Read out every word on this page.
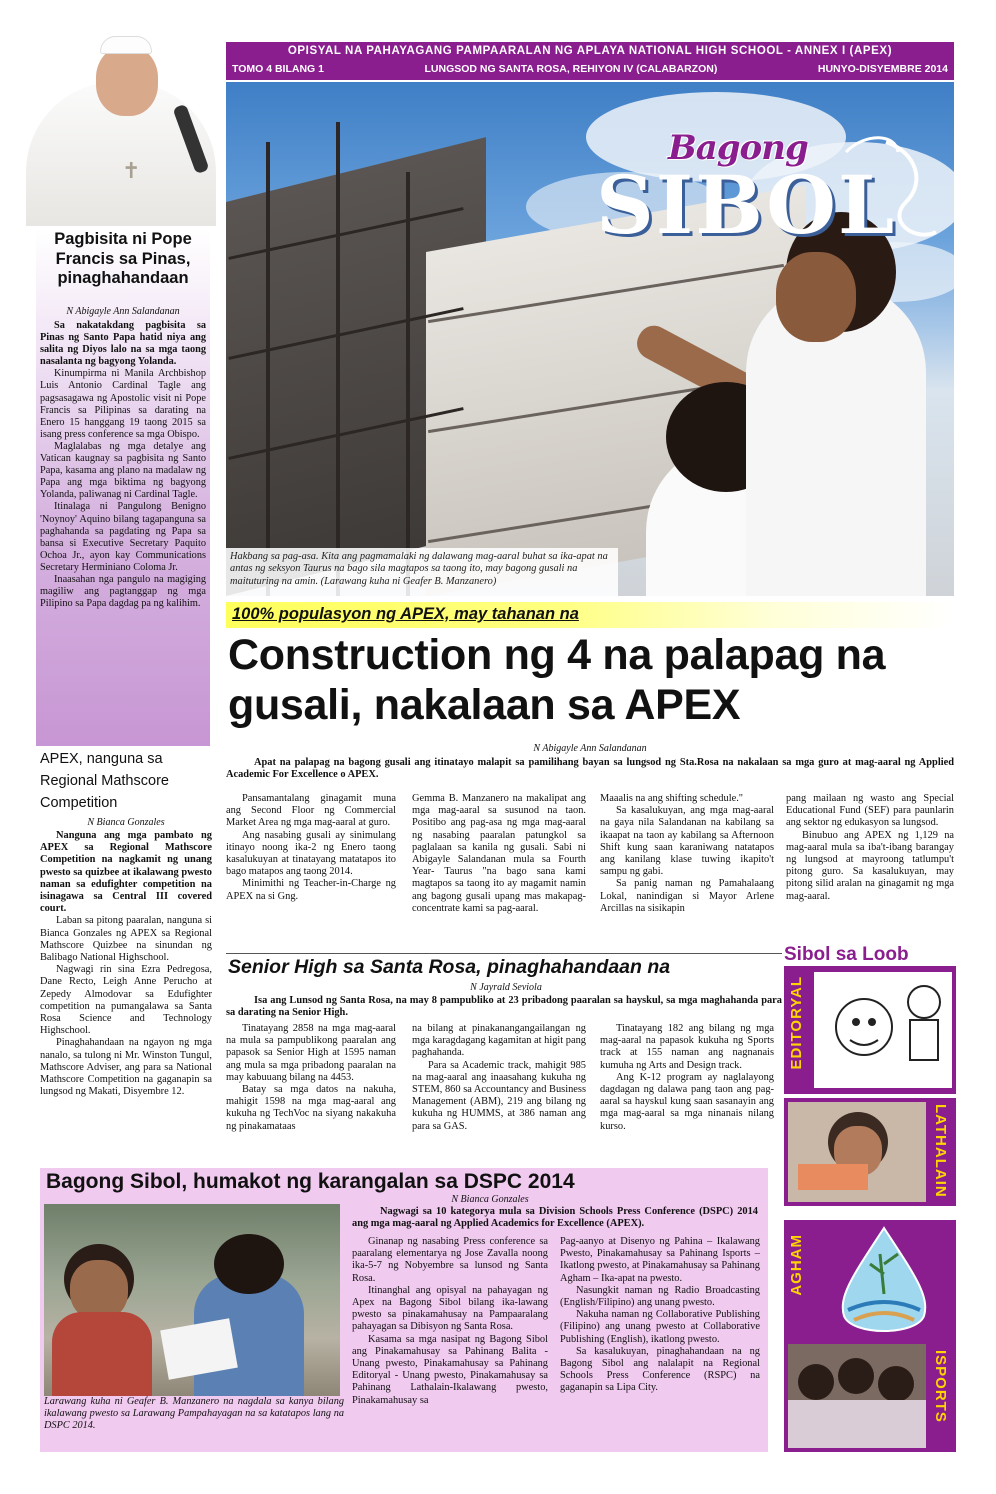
✝
OPISYAL NA PAHAYAGANG PAMPAARALAN NG APLAYA NATIONAL HIGH SCHOOL - ANNEX I (APEX)
TOMO 4 BILANG 1	LUNGSOD NG SANTA ROSA, REHIYON IV (CALABARZON)	HUNYO-DISYEMBRE 2014
Bagong
SIBOL
Hakbang sa pag-asa. Kita ang pagmamalaki ng dalawang mag-aaral buhat sa ika-apat na antas ng seksyon Taurus na bago sila magtapos sa taong ito, may bagong gusali na maituturing na amin. (Larawang kuha ni Geafer B. Manzanero)
Pagbisita ni Pope Francis sa Pinas, pinaghahandaan
N Abigayle Ann Salandanan

Sa nakatakdang pagbisita sa Pinas ng Santo Papa hatid niya ang salita ng Diyos lalo na sa mga taong nasalanta ng bagyong Yolanda.

Kinumpirma ni Manila Archbishop Luis Antonio Cardinal Tagle ang pagsasagawa ng Apostolic visit ni Pope Francis sa Pilipinas sa darating na Enero 15 hanggang 19 taong 2015 sa isang press conference sa mga Obispo.

Maglalabas ng mga detalye ang Vatican kaugnay sa pagbisita ng Santo Papa, kasama ang plano na madalaw ng Papa ang mga biktima ng bagyong Yolanda, paliwanag ni Cardinal Tagle.

Itinalaga ni Pangulong Benigno 'Noynoy' Aquino bilang tagapanguna sa paghahanda sa pagdating ng Papa sa bansa si Executive Secretary Paquito Ochoa Jr., ayon kay Communications Secretary Herminiano Coloma Jr.

Inaasahan nga pangulo na magiging magiliw ang pagtanggap ng mga Pilipino sa Papa dagdag pa ng kalihim.

APEX, nanguna sa Regional Mathscore Competition
N Bianca Gonzales

Nanguna ang mga pambato ng APEX sa Regional Mathscore Competition na nagkamit ng unang pwesto sa quizbee at ikalawang pwesto naman sa edufighter competition na isinagawa sa Central III covered court.

Laban sa pitong paaralan, nanguna si Bianca Gonzales ng APEX sa Regional Mathscore Quizbee na sinundan ng Balibago National Highschool.

Nagwagi rin sina Ezra Pedregosa, Dane Recto, Leigh Anne Perucho at Zepedy Almodovar sa Edufighter competition na pumangalawa sa Santa Rosa Science and Technology Highschool.

Pinaghahandaan na ngayon ng mga nanalo, sa tulong ni Mr. Winston Tungul, Mathscore Adviser, ang para sa National Mathscore Competition na gaganapin sa lungsod ng Makati, Disyembre 12.

100% populasyon ng APEX, may tahanan na
Construction ng 4 na palapag na gusali, nakalaan sa APEX
N Abigayle Ann Salandanan
Apat na palapag na bagong gusali ang itinatayo malapit sa pamilihang bayan sa lungsod ng Sta.Rosa na nakalaan sa mga guro at mag-aaral ng Applied Academic For Excellence o APEX.

Pansamantalang ginagamit muna ang Second Floor ng Commercial Market Area ng mga mag-aaral at guro.

Ang nasabing gusali ay sinimulang itinayo noong ika-2 ng Enero taong kasalukuyan at tinatayang matatapos ito bago matapos ang taong 2014.

Minimithi ng Teacher-in-Charge ng APEX na si Gng.

Gemma B. Manzanero na makalipat ang mga mag-aaral sa susunod na taon. Positibo ang pag-asa ng mga mag-aaral ng nasabing paaralan patungkol sa paglalaan sa kanila ng gusali. Sabi ni Abigayle Salandanan mula sa Fourth Year- Taurus "na bago sana kami magtapos sa taong ito ay magamit namin ang bagong gusali upang mas makapag-concentrate kami sa pag-aaral.

Maaalis na ang shifting schedule."

Sa kasalukuyan, ang mga mag-aaral na gaya nila Salandanan na kabilang sa ikaapat na taon ay kabilang sa Afternoon Shift kung saan karaniwang natatapos ang kanilang klase tuwing ikapito't sampu ng gabi.

Sa panig naman ng Pamahalaang Lokal, nanindigan si Mayor Arlene Arcillas na sisikapin

pang mailaan ng wasto ang Special Educational Fund (SEF) para paunlarin ang sektor ng edukasyon sa lungsod.

Binubuo ang APEX ng 1,129 na mag-aaral mula sa iba't-ibang barangay ng lungsod at mayroong tatlumpu't pitong guro. Sa kasalukuyan, may pitong silid aralan na ginagamit ng mga mag-aaral.

Senior High sa Santa Rosa, pinaghahandaan na
N Jayrald Seviola
Isa ang Lunsod ng Santa Rosa, na may 8 pampubliko at 23 pribadong paaralan sa hayskul, sa mga maghahanda para sa darating na Senior High.

Tinatayang 2858 na mga mag-aaral na mula sa pampublikong paaralan ang papasok sa Senior High at 1595 naman ang mula sa mga pribadong paaralan na may kabuuang bilang na 4453.

Batay sa mga datos na nakuha, mahigit 1598 na mga mag-aaral ang kukuha ng TechVoc na siyang nakakuha ng pinakamataas

na bilang at pinakanangangailangan ng mga karagdagang kagamitan at higit pang paghahanda.

Para sa Academic track, mahigit 985 na mag-aaral ang inaasahang kukuha ng STEM, 860 sa Accountancy and Business Management (ABM), 219 ang bilang ng kukuha ng HUMMS, at 386 naman ang para sa GAS.

Tinatayang 182 ang bilang ng mga mag-aaral na papasok kukuha ng Sports track at 155 naman ang nagnanais kumuha ng Arts and Design track.

Ang K-12 program ay naglalayong dagdagan ng dalawa pang taon ang pag-aaral sa hayskul kung saan sasanayin ang mga mag-aaral sa mga ninanais nilang kurso.

Sibol sa Loob
EDITORYAL
LATHALAIN
AGHAM
ISPORTS
Bagong Sibol, humakot ng karangalan sa DSPC 2014
N Bianca Gonzales
Larawang kuha ni Geafer B. Manzanero na nagdala sa kanya bilang ikalawang pwesto sa Larawang Pampahayagan na sa katatapos lang na DSPC 2014.
Nagwagi sa 10 kategorya mula sa Division Schools Press Conference (DSPC) 2014 ang mga mag-aaral ng Applied Academics for Excellence (APEX).

Ginanap ng nasabing Press conference sa paaralang elementarya ng Jose Zavalla noong ika-5-7 ng Nobyembre sa lunsod ng Santa Rosa.

Itinanghal ang opisyal na pahayagan ng Apex na Bagong Sibol bilang ika-lawang pwesto sa pinakamahusay na Pampaaralang pahayagan sa Dibisyon ng Santa Rosa.

Kasama sa mga nasipat ng Bagong Sibol ang Pinakamahusay sa Pahinang Balita - Unang pwesto, Pinakamahusay sa Pahinang Editoryal - Unang pwesto, Pinakamahusay sa Pahinang Lathalain-Ikalawang pwesto, Pinakamahusay sa

Pag-aanyo at Disenyo ng Pahina – Ikalawang Pwesto, Pinakamahusay sa Pahinang Isports – Ikatlong pwesto, at Pinakamahusay sa Pahinang Agham – Ika-apat na pwesto.

Nasungkit naman ng Radio Broadcasting (English/Filipino) ang unang pwesto.

Nakuha naman ng Collaborative Publishing (Filipino) ang unang pwesto at Collaborative Publishing (English), ikatlong pwesto.

Sa kasalukuyan, pinaghahandaan na ng Bagong Sibol ang nalalapit na Regional Schools Press Conference (RSPC) na gaganapin sa Lipa City.
